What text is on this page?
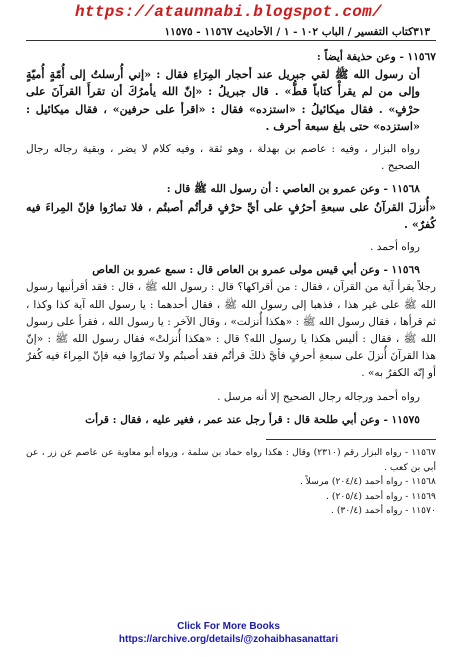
https://ataunnabi.blogspot.com/
٣١٣
كتاب التفسير / الباب ١٠٢ - ١ / الأحاديث ١١٥٦٧ - ١١٥٧٥

١١٥٦٧ - وعن حذيفة أيضاً :

أن رسول الله ﷺ لقي جبريل عند أحجار المِرَاءِ فقال : «إني أُرسلتُ إلى أُمّةٍ أُميّةٍ وإلى من لم يقرأْ كتاباً قطُّ» . قال جبريلُ : «إنّ الله يأمرُكَ أن تقرأَ القرآنَ على حرْفٍ» . فقال ميكائيلُ : «استزده» فقال : «اقرأ على حرفين» ، فقال ميكائيل : «استزده» حتى بلغ سبعة أحرف .

رواه البزار ، وفيه : عاصم بن بهدلة ، وهو ثقة ، وفيه كلام لا يضر ، وبقية رجاله رجال الصحيح .

١١٥٦٨ - وعن عمرو بن العاصي : أن رسول الله ﷺ قال :

«أُنزلَ القرآنُ على سبعةِ أحرُفٍ على أيِّ حرْفٍ قرأتُم أصبتُم ، فلا تمارُوا فإنّ المِراءَ فيه كُفرٌ» .

رواه أحمد .

١١٥٦٩ - وعن أبي قيس مولى عمرو بن العاص قال : سمع عمرو بن العاص

رجلاً يقرأ آية من القرآن ، فقال : من أقراكها؟ قال : رسول الله ﷺ ، قال : فقد أقرأنيها رسول الله ﷺ على غير هذا ، فذهبا إلى رسول الله ﷺ ، فقال أحدهما : يا رسول الله آية كذا وكذا ، ثم قرأها ، فقال رسول الله ﷺ : «هكذا أُنزلت» ، وقال الآخر : يا رسول الله ، فقرأ على رسول الله ﷺ ، فقال : أليس هكذا يا رسول الله؟ قال : «هكذا أُنزلتْ» فقال رسول الله ﷺ : «إنّ هذا القرآنَ أُنزلَ على سبعةِ أحرفٍ فأيَّ ذلكَ قرأتُم فقد أصبتُم ولا تمارُوا فيه فإنّ المِراءَ فيه كُفرٌ أو إنّه الكفرُ به» .

رواه أحمد ورجاله رجال الصحيح إلا أنه مرسل .

١١٥٧٥ - وعن أبي طلحة قال : قرأ رجل عند عمر ، فغير عليه ، فقال : قرأت

١١٥٦٧ - رواه البزار رقم (٢٣١٠) وقال : هكذا رواه حماد بن سلمة ، ورواه أبو معاوية عن عاصم عن زر ، عن أبي بن كعب .

١١٥٦٨ - رواه أحمد (٢٠٤/٤) مرسلاً .

١١٥٦٩ - رواه أحمد (٢٠٥/٤) .

١١٥٧٠ - رواه أحمد (٣٠/٤) .

Click For More Books
https://archive.org/details/@zohaibhasanattari
